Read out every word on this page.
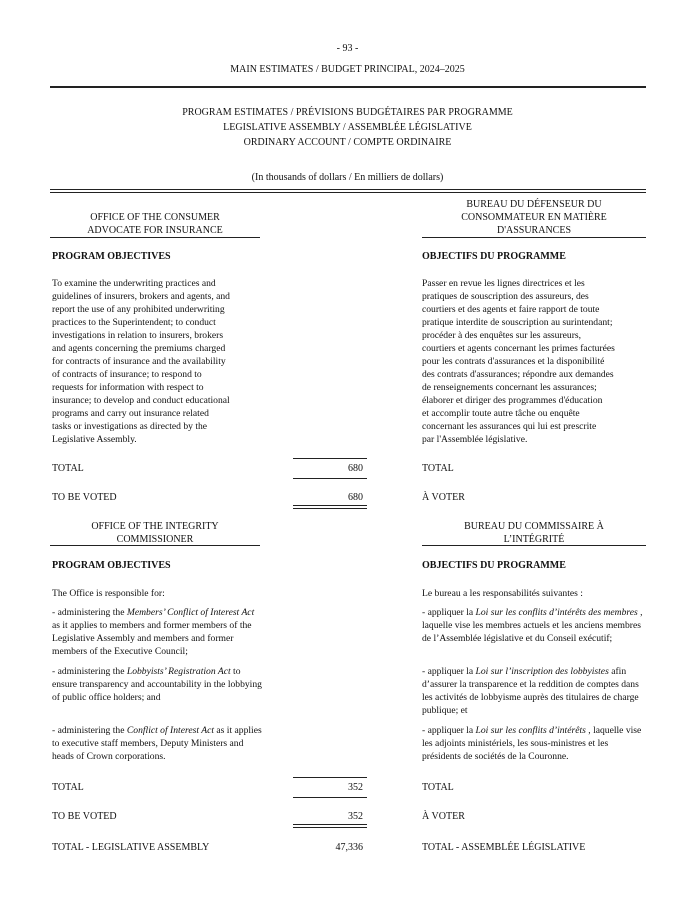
- 93 -
MAIN ESTIMATES / BUDGET PRINCIPAL, 2024–2025
PROGRAM ESTIMATES / PRÉVISIONS BUDGÉTAIRES PAR PROGRAMME
LEGISLATIVE ASSEMBLY / ASSEMBLÉE LÉGISLATIVE
ORDINARY ACCOUNT / COMPTE ORDINAIRE
(In thousands of dollars / En milliers de dollars)
OFFICE OF THE CONSUMER
ADVOCATE FOR INSURANCE
BUREAU DU DÉFENSEUR DU
CONSOMMATEUR EN MATIÈRE
D'ASSURANCES
PROGRAM OBJECTIVES	OBJECTIFS DU PROGRAMME
To examine the underwriting practices and
guidelines of insurers, brokers and agents, and
report the use of any prohibited underwriting
practices to the Superintendent; to conduct
investigations in relation to insurers, brokers
and agents concerning the premiums charged
for contracts of insurance and the availability
of contracts of insurance; to respond to
requests for information with respect to
insurance; to develop and conduct educational
programs and carry out insurance related
tasks or investigations as directed by the
Legislative Assembly.
Passer en revue les lignes directrices et les
pratiques de souscription des assureurs, des
courtiers et des agents et faire rapport de toute
pratique interdite de souscription au surintendant;
procéder à des enquêtes sur les assureurs,
courtiers et agents concernant les primes facturées
pour les contrats d'assurances et la disponibilité
des contrats d'assurances; répondre aux demandes
de renseignements concernant les assurances;
élaborer et diriger des programmes d'éducation
et accomplir toute autre tâche ou enquête
concernant les assurances qui lui est prescrite
par l'Assemblée législative.
TOTAL	680	TOTAL
TO BE VOTED	680	À VOTER
OFFICE OF THE INTEGRITY
COMMISSIONER
BUREAU DU COMMISSAIRE À
L’INTÉGRITÉ
PROGRAM OBJECTIVES	OBJECTIFS DU PROGRAMME
The Office is responsible for:	Le bureau a les responsabilités suivantes :
- administering the Members’ Conflict of Interest Act as it applies to members and former members of the Legislative Assembly and members and former members of the Executive Council;
- administering the Lobbyists’ Registration Act to ensure transparency and accountability in the lobbying of public office holders; and
- administering the Conflict of Interest Act as it applies to executive staff members, Deputy Ministers and heads of Crown corporations.
- appliquer la Loi sur les conflits d’intérêts des membres , laquelle vise les membres actuels et les anciens membres de l’Assemblée législative et du Conseil exécutif;
- appliquer la Loi sur l’inscription des lobbyistes afin d’assurer la transparence et la reddition de comptes dans les activités de lobbyisme auprès des titulaires de charge publique; et
- appliquer la Loi sur les conflits d’intérêts , laquelle vise les adjoints ministériels, les sous-ministres et les présidents de sociétés de la Couronne.
TOTAL	352	TOTAL
TO BE VOTED	352	À VOTER
TOTAL - LEGISLATIVE ASSEMBLY	47,336	TOTAL - ASSEMBLÉE LÉGISLATIVE
